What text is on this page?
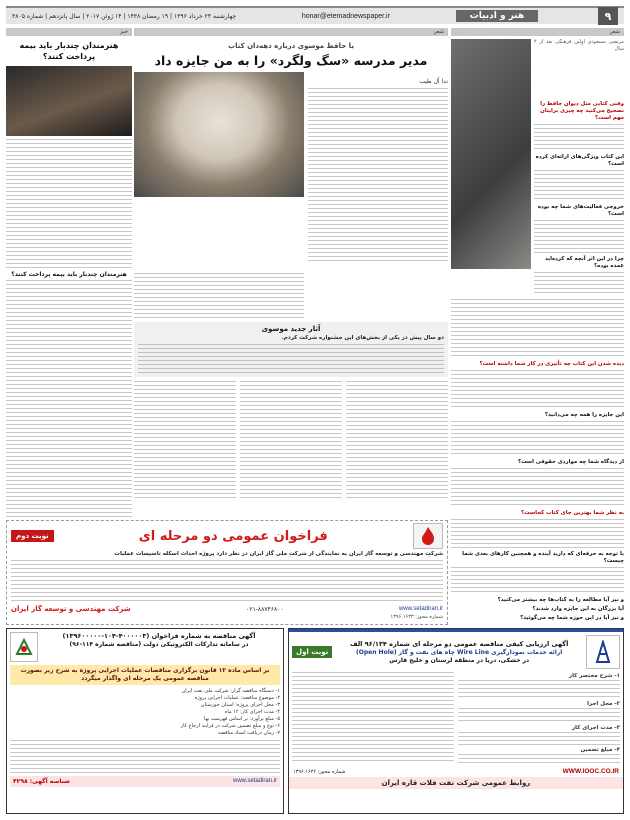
۹
هنر و ادبیات
honar@etemadnewspaper.ir
چهارشنبه ۲۴ خرداد ۱۳۹۶ | ۱۹ رمضان ۱۴۳۸ | ۱۴ ژوئن ۲۰۱۷ | سال پانزدهم | شماره ۳۸۰۵
شعر
مرتضی مسعودی اولین فرهنگی بعد از ۴ سال
وقتی کتابی مثل دیوان حافظ را تصحیح می‌کنید چه چیزی برایتان مهم است؟
این کتاب ویژگی‌های ارائه‌ای کرده است؟
خروجی فعالیت‌های شما چه بوده است؟
چرا در این اثر آنچه که کرده‌اید عمده بوده؟
دیده شدن این کتاب چه تأثیری در کار شما داشته است؟
این جایزه را همه چه می‌دانید؟
از دیدگاه شما چه مواردی حقوقی است؟
به نظر شما بهترین جای کتاب کجاست؟
با توجه به حرفه‌ای که دارید آینده و همچنین کارهای بعدی شما چیست؟
و نیز آیا مطالعه را به کتاب‌ها چه بیشتر می‌کنید؟
آیا بزرگان به این جایزه وارد شدند؟
و نیز آیا در این حوزه شما چه می‌گوئید؟
شعر
با حافظ موسوی درباره دهه‌دان کتاب
مدیر مدرسه «سگ ولگرد» را به من جایزه داد
ندا آل طیب
آثار جدید موسوی
دو سال پیش در یکی از بخش‌های این جشنواره شرکت کردم.
خبر
هنرمندان چندبار باید بیمه پرداخت کنند؟
هنرمندان چندبار باید بیمه پرداخت کنند؟
فراخوان عمومی دو مرحله ای
نوبت دوم
شرکت مهندسی و توسعه گاز ایران به نمایندگی از شرکت ملی گاز ایران در نظر دارد پروژه احداث اسکله تاسیسات عملیات
www.setadiran.ir
۰۲۱-۸۸۷۴۶۸۰۰
شرکت مهندسی و توسعه گاز ایران
شماره مجوز: ۱۳۹۶.۱۶۳۳
آگهی مناقصه به شماره فراخوان (۴۰۰۰۰۰۳-۱۰۴-۱۳۹۶۰۰۰۰۰)
در سامانه تدارکات الکترونیکی دولت (مناقصه شماره ۱۱۴-۹۶)
بر اساس ماده ۱۲ قانون برگزاری مناقصات عملیات اجرایی پروژه به شرح زیر بصورت مناقصه عمومی یک مرحله ای واگذار میگردد
۱- دستگاه مناقصه گزار: شرکت ملی نفت ایران
۲- موضوع مناقصه: عملیات اجرایی پروژه
۳- محل اجرای پروژه: استان خوزستان
۴- مدت اجرای کار: ۱۲ ماه
۵- مبلغ برآورد: بر اساس فهرست بها
۶- نوع و مبلغ تضمین شرکت در فرایند ارجاع کار
۷- زمان دریافت اسناد مناقصه
www.setadiran.ir
شناسه آگهی: ۴۲۹۸
آگهی ارزیابی کیفی مناقصه عمومی دو مرحله ای شماره ۹۶/۱۳۴ الف
ارائه خدمات نمودارگیری Wire Line چاه های نفت و گاز (Open Hole)
در خشکی، دریا در منطقه لرستان و خلیج فارس
نوبت اول
۱- شرح مختصر کار
۲- محل اجرا
۳- مدت اجرای کار
۴- مبلغ تضمین
WWW.IOOC.CO.IR
شماره مجوز: ۱۳۹۶.۱۶۳۶
روابط عمومی شرکت نفت فلات قاره ایران
